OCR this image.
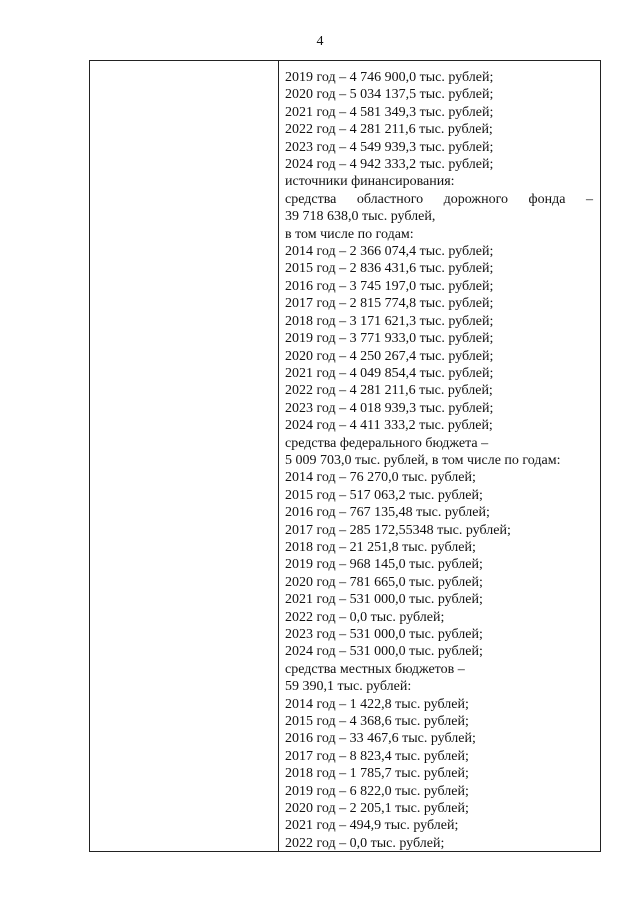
4
2019 год – 4 746 900,0 тыс. рублей;
2020 год – 5 034 137,5 тыс. рублей;
2021 год – 4 581 349,3 тыс. рублей;
2022 год – 4 281 211,6 тыс. рублей;
2023 год – 4 549 939,3 тыс. рублей;
2024 год – 4 942 333,2 тыс. рублей;
источники финансирования:
средства областного дорожного фонда –
39 718 638,0 тыс. рублей,
в том числе по годам:
2014 год – 2 366 074,4 тыс. рублей;
2015 год – 2 836 431,6 тыс. рублей;
2016 год – 3 745 197,0 тыс. рублей;
2017 год – 2 815 774,8 тыс. рублей;
2018 год – 3 171 621,3 тыс. рублей;
2019 год – 3 771 933,0 тыс. рублей;
2020 год – 4 250 267,4 тыс. рублей;
2021 год – 4 049 854,4 тыс. рублей;
2022 год – 4 281 211,6 тыс. рублей;
2023 год – 4 018 939,3 тыс. рублей;
2024 год – 4 411 333,2 тыс. рублей;
средства федерального бюджета –
5 009 703,0 тыс. рублей, в том числе по годам:
2014 год – 76 270,0 тыс. рублей;
2015 год – 517 063,2 тыс. рублей;
2016 год – 767 135,48 тыс. рублей;
2017 год – 285 172,55348 тыс. рублей;
2018 год – 21 251,8 тыс. рублей;
2019 год – 968 145,0 тыс. рублей;
2020 год – 781 665,0 тыс. рублей;
2021 год – 531 000,0 тыс. рублей;
2022 год – 0,0 тыс. рублей;
2023 год – 531 000,0 тыс. рублей;
2024 год – 531 000,0 тыс. рублей;
средства местных бюджетов –
59 390,1 тыс. рублей:
2014 год – 1 422,8 тыс. рублей;
2015 год – 4 368,6 тыс. рублей;
2016 год – 33 467,6 тыс. рублей;
2017 год – 8 823,4 тыс. рублей;
2018 год – 1 785,7 тыс. рублей;
2019 год – 6 822,0 тыс. рублей;
2020 год – 2 205,1 тыс. рублей;
2021 год – 494,9 тыс. рублей;
2022 год – 0,0 тыс. рублей;
